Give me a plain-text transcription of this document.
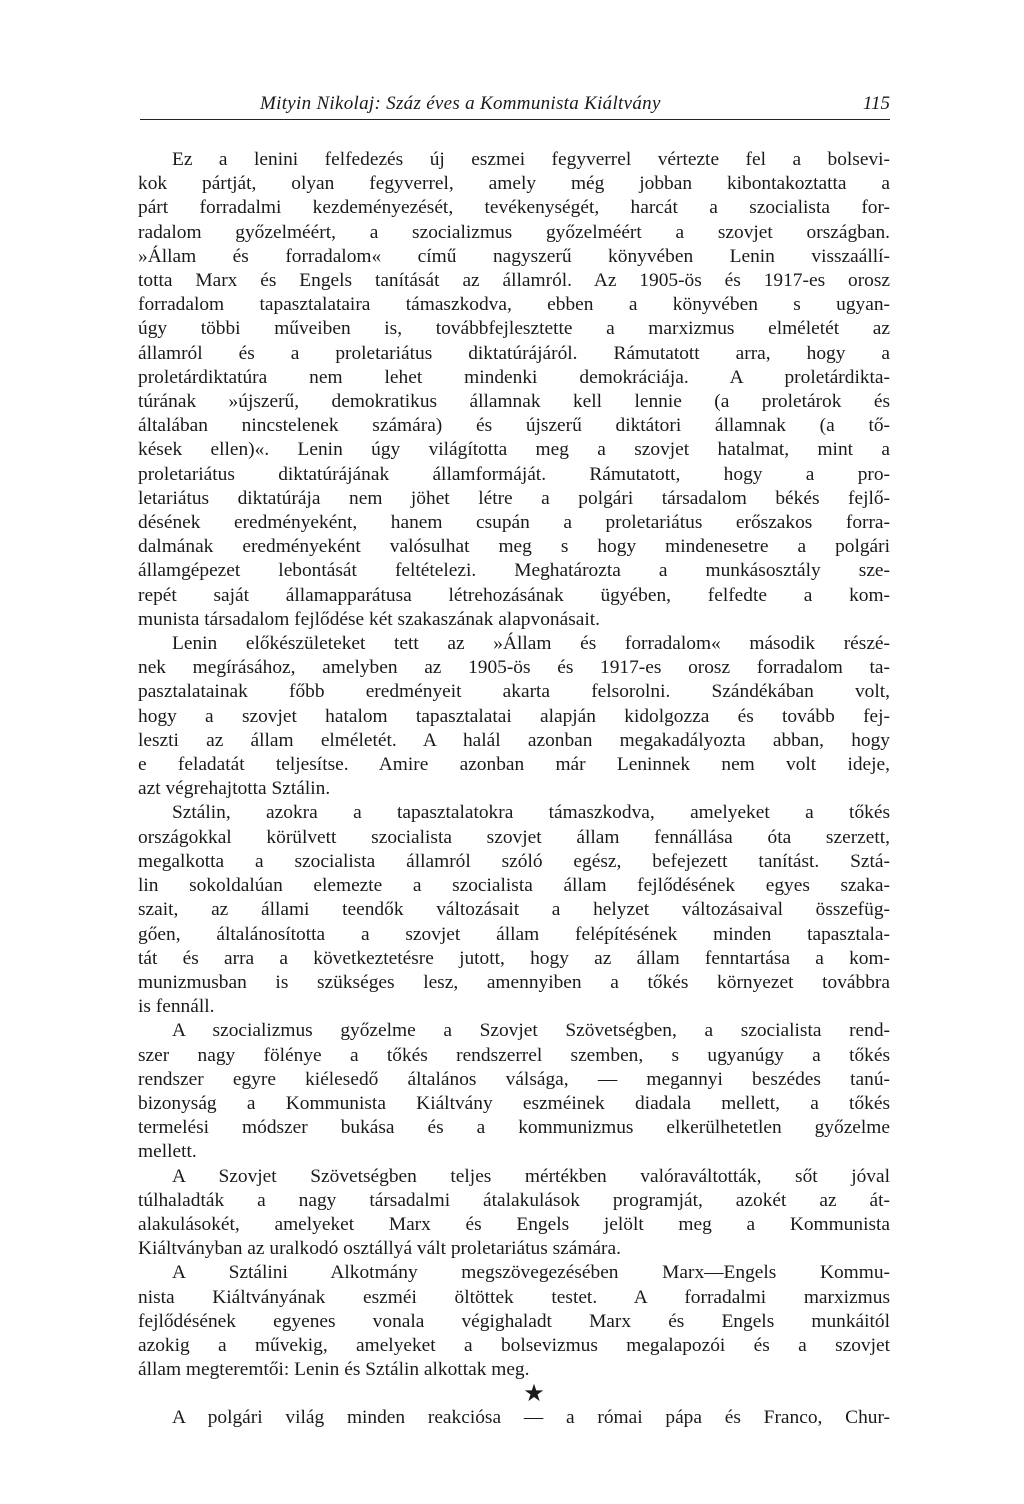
Mityin Nikolaj: Száz éves a Kommunista Kiáltvány	115
Ez a lenini felfedezés új eszmei fegyverrel vértezte fel a bolsevi-
kok pártját, olyan fegyverrel, amely még jobban kibontakoztatta a
párt forradalmi kezdeményezését, tevékenységét, harcát a szocialista for-
radalom győzelméért, a szocializmus győzelméért a szovjet országban.
»Állam és forradalom« című nagyszerű könyvében Lenin visszaállí-
totta Marx és Engels tanítását az államról. Az 1905-ös és 1917-es orosz
forradalom tapasztalataira támaszkodva, ebben a könyvében s ugyan-
úgy többi műveiben is, továbbfejlesztette a marxizmus elméletét az
államról és a proletariátus diktatúrájáról. Rámutatott arra, hogy a
proletárdiktatúra nem lehet mindenki demokráciája. A proletárdikta-
túrának »újszerű, demokratikus államnak kell lennie (a proletárok és
általában nincstelenek számára) és újszerű diktátori államnak (a tő-
kések ellen)«. Lenin úgy világította meg a szovjet hatalmat, mint a
proletariátus diktatúrájának államformáját. Rámutatott, hogy a pro-
letariátus diktatúrája nem jöhet létre a polgári társadalom békés fejlő-
désének eredményeként, hanem csupán a proletariátus erőszakos forra-
dalmának eredményeként valósulhat meg s hogy mindenesetre a polgári
államgépezet lebontását feltételezi. Meghatározta a munkásosztály sze-
repét saját államapparátusa létrehozásának ügyében, felfedte a kom-
munista társadalom fejlődése két szakaszának alapvonásait.
Lenin előkészületeket tett az »Állam és forradalom« második részé-
nek megírásához, amelyben az 1905-ös és 1917-es orosz forradalom ta-
pasztalatainak főbb eredményeit akarta felsorolni. Szándékában volt,
hogy a szovjet hatalom tapasztalatai alapján kidolgozza és tovább fej-
leszti az állam elméletét. A halál azonban megakadályozta abban, hogy
e feladatát teljesítse. Amire azonban már Leninnek nem volt ideje,
azt végrehajtotta Sztálin.
Sztálin, azokra a tapasztalatokra támaszkodva, amelyeket a tőkés
országokkal körülvett szocialista szovjet állam fennállása óta szerzett,
megalkotta a szocialista államról szóló egész, befejezett tanítást. Sztá-
lin sokoldalúan elemezte a szocialista állam fejlődésének egyes szaka-
szait, az állami teendők változásait a helyzet változásaival összefüg-
gően, általánosította a szovjet állam felépítésének minden tapasztala-
tát és arra a következtetésre jutott, hogy az állam fenntartása a kom-
munizmusban is szükséges lesz, amennyiben a tőkés környezet továbbra
is fennáll.
A szocializmus győzelme a Szovjet Szövetségben, a szocialista rend-
szer nagy fölénye a tőkés rendszerrel szemben, s ugyanúgy a tőkés
rendszer egyre kiélesedő általános válsága, — megannyi beszédes tanú-
bizonyság a Kommunista Kiáltvány eszméinek diadala mellett, a tőkés
termelési módszer bukása és a kommunizmus elkerülhetetlen győzelme
mellett.
A Szovjet Szövetségben teljes mértékben valóraváltották, sőt jóval
túlhaladták a nagy társadalmi átalakulások programját, azokét az át-
alakulásokét, amelyeket Marx és Engels jelölt meg a Kommunista
Kiáltványban az uralkodó osztállyá vált proletariátus számára.
A Sztálini Alkotmány megszövegezésében Marx—Engels Kommu-
nista Kiáltványának eszméi öltöttek testet. A forradalmi marxizmus
fejlődésének egyenes vonala végighaladt Marx és Engels munkáitól
azokig a művekig, amelyeket a bolsevizmus megalapozói és a szovjet
állam megteremtői: Lenin és Sztálin alkottak meg.
★
A polgári világ minden reakciósa — a római pápa és Franco, Chur-
